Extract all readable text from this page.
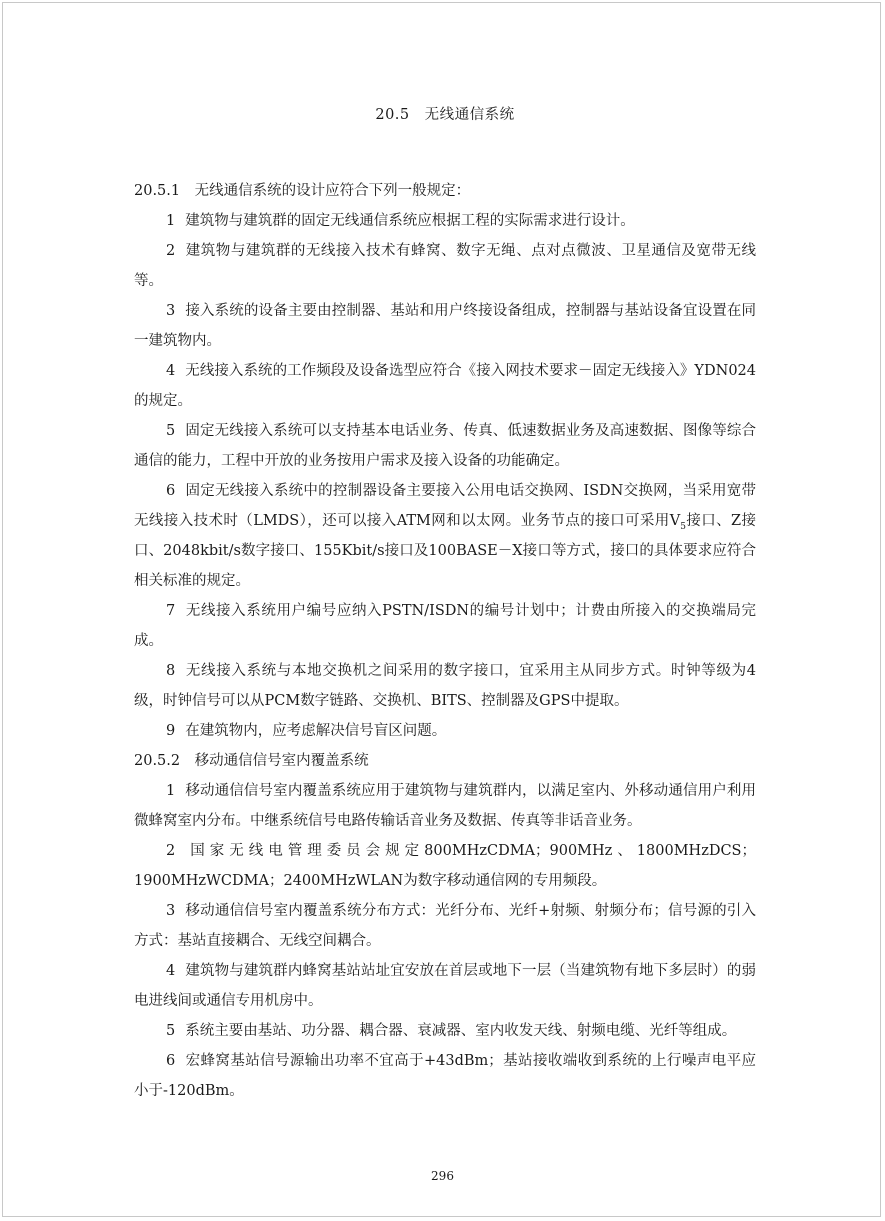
20.5　无线通信系统

20.5.1　无线通信系统的设计应符合下列一般规定：

1 建筑物与建筑群的固定无线通信系统应根据工程的实际需求进行设计。

2 建筑物与建筑群的无线接入技术有蜂窝、数字无绳、点对点微波、卫星通信及宽带无线等。

3 接入系统的设备主要由控制器、基站和用户终接设备组成，控制器与基站设备宜设置在同一建筑物内。

4 无线接入系统的工作频段及设备选型应符合《接入网技术要求－固定无线接入》YDN024的规定。

5 固定无线接入系统可以支持基本电话业务、传真、低速数据业务及高速数据、图像等综合通信的能力，工程中开放的业务按用户需求及接入设备的功能确定。

6 固定无线接入系统中的控制器设备主要接入公用电话交换网、ISDN交换网，当采用宽带无线接入技术时（LMDS），还可以接入ATM网和以太网。业务节点的接口可采用$V_5$接口、Z接口、2048kbit/s数字接口、155Kbit/s接口及100BASE－X接口等方式，接口的具体要求应符合相关标准的规定。

7 无线接入系统用户编号应纳入PSTN/ISDN的编号计划中；计费由所接入的交换端局完成。

8 无线接入系统与本地交换机之间采用的数字接口，宜采用主从同步方式。时钟等级为4级，时钟信号可以从PCM数字链路、交换机、BITS、控制器及GPS中提取。

9 在建筑物内，应考虑解决信号盲区问题。

20.5.2　移动通信信号室内覆盖系统

1 移动通信信号室内覆盖系统应用于建筑物与建筑群内，以满足室内、外移动通信用户利用微蜂窝室内分布。中继系统信号电路传输话音业务及数据、传真等非话音业务。

2 国家无线电管理委员会规定800MHzCDMA；900MHz、1800MHzDCS；1900MHzWCDMA；2400MHzWLAN为数字移动通信网的专用频段。

3 移动通信信号室内覆盖系统分布方式：光纤分布、光纤+射频、射频分布；信号源的引入方式：基站直接耦合、无线空间耦合。

4 建筑物与建筑群内蜂窝基站站址宜安放在首层或地下一层（当建筑物有地下多层时）的弱电进线间或通信专用机房中。

5 系统主要由基站、功分器、耦合器、衰减器、室内收发天线、射频电缆、光纤等组成。

6 宏蜂窝基站信号源输出功率不宜高于+43dBm；基站接收端收到系统的上行噪声电平应小于-120dBm。

296
